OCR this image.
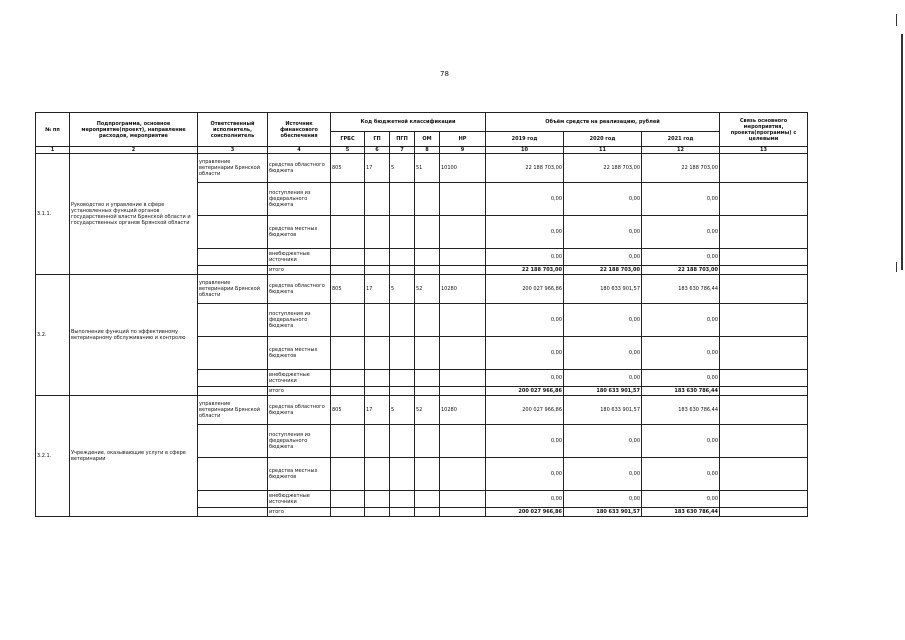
78
№ пп	Подпрограмма, основное мероприятие(проект), направление расходов, мероприятие	Ответственный исполнитель, соисполнитель	Источник финансового обеспечения	Код бюджетной классификации					Объём средств на реализацию, рублей			Связь основного мероприятия, проекта(программы) с целевыми
				ГРБС	ГП	ПГП	ОМ	НР	2019 год	2020 год	2021 год	
1	2	3	4	5	6	7	8	9	10	11	12	13
3.1.1.	Руководство и управление в сфере установленных функций органов государственной власти Брянской области и государственных органов Брянской области	управление ветеринарии Брянской области	средства областного бюджета	805	17	5	51	10100	22 188 703,00	22 188 703,00	22 188 703,00	
			поступления из федерального бюджета						0,00	0,00	0,00	
			средства местных бюджетов						0,00	0,00	0,00	
			внебюджетные источники						0,00	0,00	0,00	
			итого						22 188 703,00	22 188 703,00	22 188 703,00	
3.2.	Выполнение функций по эффективному ветеринарному обслуживанию и контролю	управление ветеринарии Брянской области	средства областного бюджета	805	17	5	52	10280	200 027 966,86	180 633 901,57	183 630 786,44	
			поступления из федерального бюджета						0,00	0,00	0,00	
			средства местных бюджетов						0,00	0,00	0,00	
			внебюджетные источники						0,00	0,00	0,00	
			итого						200 027 966,86	180 633 901,57	183 630 786,44	
3.2.1.	Учреждение, оказывающие услуги в сфере ветеринарии	управление ветеринарии Брянской области	средства областного бюджета	805	17	5	52	10280	200 027 966,86	180 633 901,57	183 630 786,44	
			поступления из федерального бюджета						0,00	0,00	0,00	
			средства местных бюджетов						0,00	0,00	0,00	
			внебюджетные источники						0,00	0,00	0,00	
			итого						200 027 966,86	180 633 901,57	183 630 786,44	
